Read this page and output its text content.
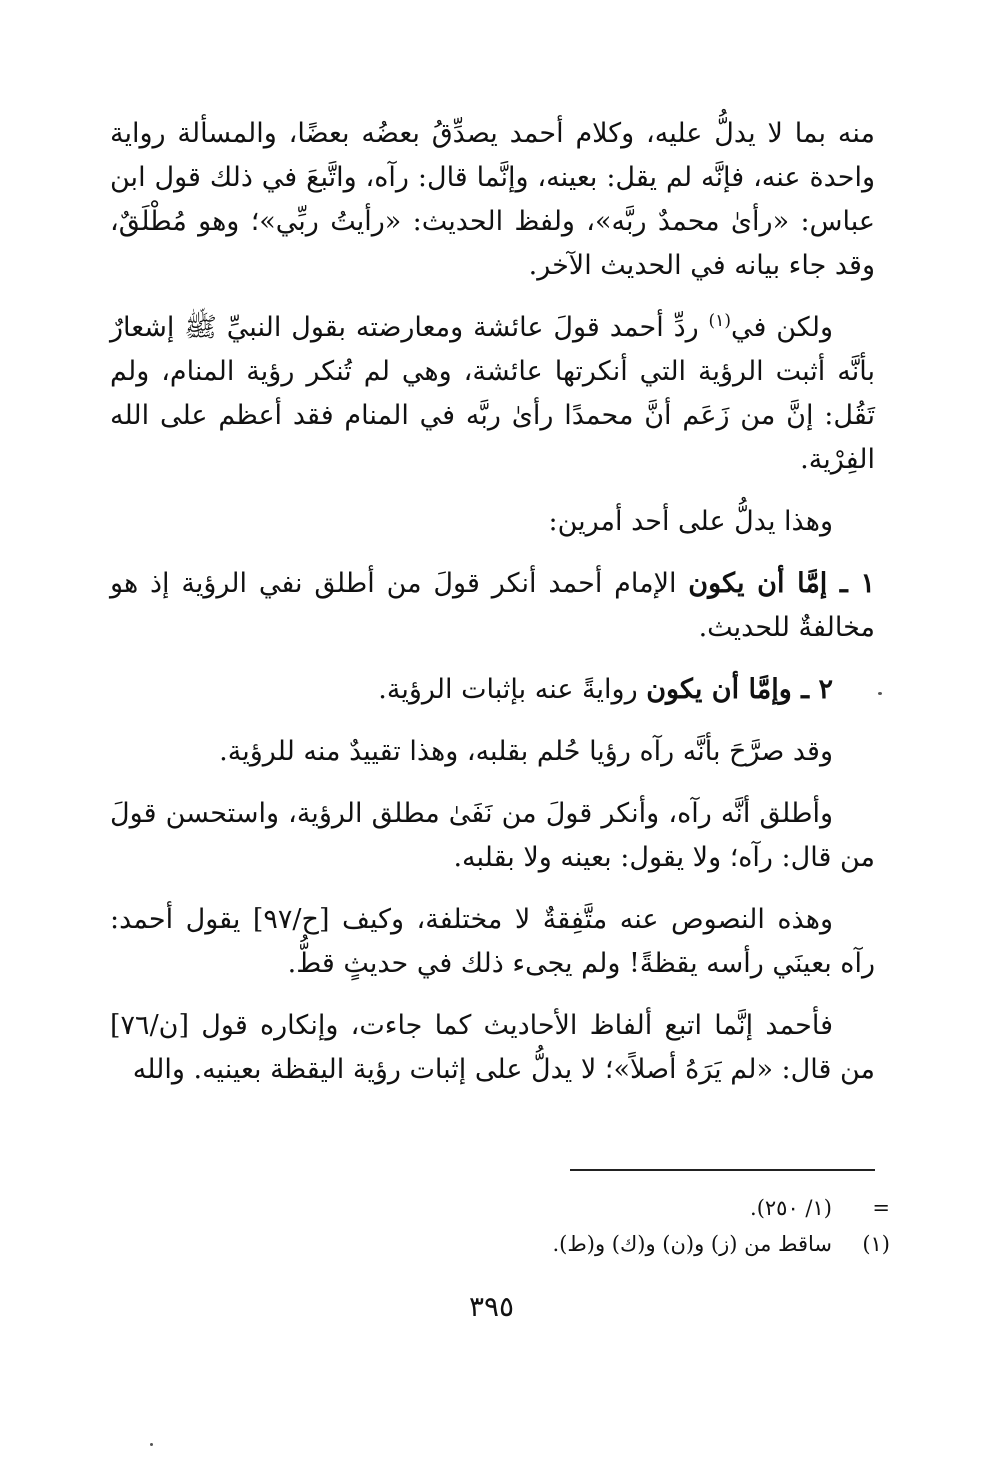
منه بما لا يدلُّ عليه، وكلام أحمد يصدِّقُ بعضُه بعضًا، والمسألة رواية واحدة عنه، فإنَّه لم يقل: بعينه، وإنَّما قال: رآه، واتَّبعَ في ذلك قول ابن عباس: «رأىٰ محمدٌ ربَّه»، ولفظ الحديث: «رأيتُ ربِّي»؛ وهو مُطْلَقٌ، وقد جاء بيانه في الحديث الآخر.

ولكن في$^{(١)}$ ردِّ أحمد قولَ عائشة ومعارضته بقول النبيِّ ﷺ إشعارٌ بأنَّه أثبت الرؤية التي أنكرتها عائشة، وهي لم تُنكر رؤية المنام، ولم تَقُل: إنَّ من زَعَم أنَّ محمدًا رأىٰ ربَّه في المنام فقد أعظم على الله الفِرْية.

وهذا يدلُّ على أحد أمرين:

١ ـ إمَّا أن يكون الإمام أحمد أنكر قولَ من أطلق نفي الرؤية إذ هو مخالفةٌ للحديث.

٢ ـ وإمَّا أن يكون روايةً عنه بإثبات الرؤية.

وقد صرَّحَ بأنَّه رآه رؤيا حُلم بقلبه، وهذا تقييدٌ منه للرؤية.

وأطلق أنَّه رآه، وأنكر قولَ من نَفَىٰ مطلق الرؤية، واستحسن قولَ من قال: رآه؛ ولا يقول: بعينه ولا بقلبه.

وهذه النصوص عنه متَّفِقةٌ لا مختلفة، وكيف [ح/٩٧] يقول أحمد: رآه بعينَي رأسه يقظةً! ولم يجىء ذلك في حديثٍ قطُّ.

فأحمد إنَّما اتبع ألفاظ الأحاديث كما جاءت، وإنكاره قول [ن/٧٦] من قال: «لم يَرَهُ أصلاً»؛ لا يدلُّ على إثبات رؤية اليقظة بعينيه. والله

=
(١/ ٢٥٠).
(١)
ساقط من (ز) و(ن) و(ك) و(ط).
٣٩٥
